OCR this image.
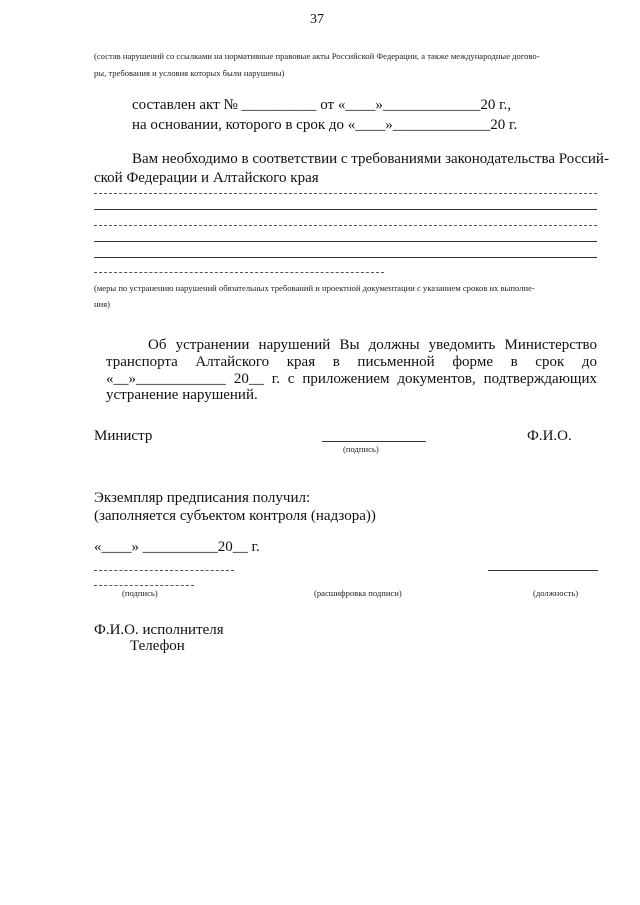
37
(состав нарушений со ссылками на нормативные правовые акты Российской Федерации, а также международные догово-
ры, требования и условия которых были нарушены)
составлен акт № __________ от «____»_____________20 г.,
на основании, которого в срок до «____»_____________20 г.
Вам необходимо в соответствии с требованиями законодательства Россий-
ской Федерации и Алтайского края
(меры по устранению нарушений обязательных требований и проектной документации с указанием сроков их выполне-
ния)
Об устранении нарушений Вы должны уведомить Министерство
транспорта Алтайского края в письменной форме в срок до
«__»____________ 20__ г. с приложением документов, подтверждающих
устранение нарушений.
Министр
(подпись)
Ф.И.О.
Экземпляр предписания получил:
(заполняется субъектом контроля (надзора))
«____» __________20__ г.
(подпись)	(расшифровка подписи)	(должность)
Ф.И.О. исполнителя
Телефон
